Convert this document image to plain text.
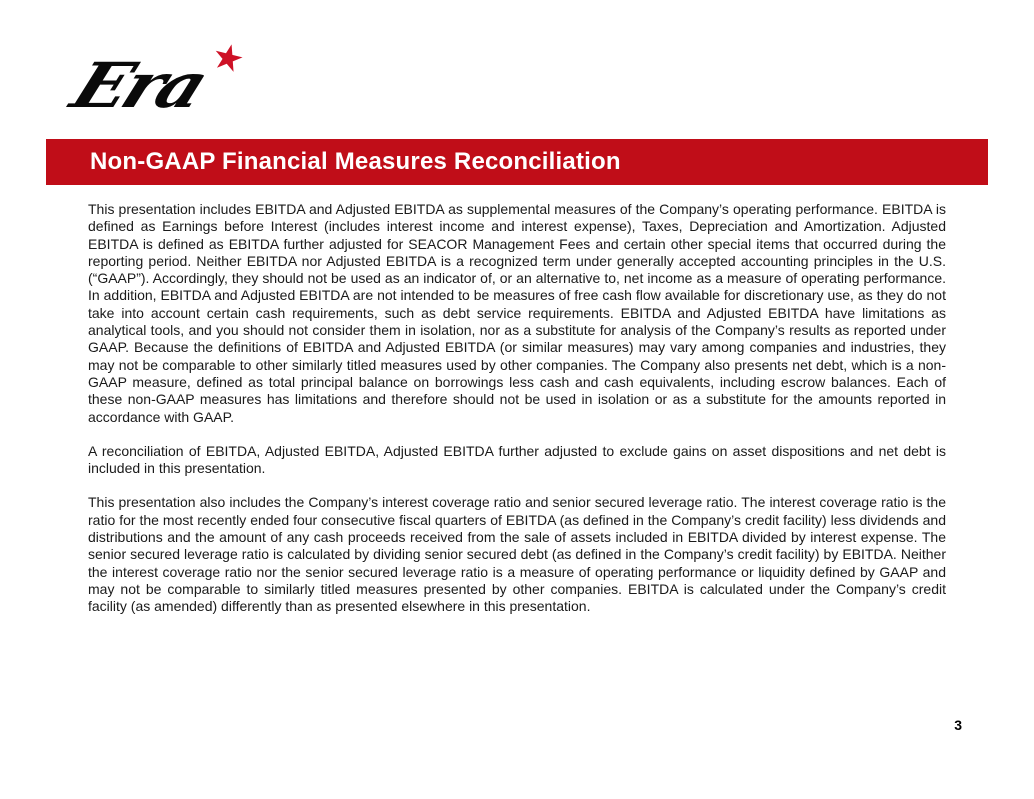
Era
★
Non-GAAP Financial Measures Reconciliation

This presentation includes EBITDA and Adjusted EBITDA as supplemental measures of the Company’s operating performance. EBITDA is defined as Earnings before Interest (includes interest income and interest expense), Taxes, Depreciation and Amortization. Adjusted EBITDA is defined as EBITDA further adjusted for SEACOR Management Fees and certain other special items that occurred during the reporting period. Neither EBITDA nor Adjusted EBITDA is a recognized term under generally accepted accounting principles in the U.S. (“GAAP”). Accordingly, they should not be used as an indicator of, or an alternative to, net income as a measure of operating performance. In addition, EBITDA and Adjusted EBITDA are not intended to be measures of free cash flow available for discretionary use, as they do not take into account certain cash requirements, such as debt service requirements. EBITDA and Adjusted EBITDA have limitations as analytical tools, and you should not consider them in isolation, nor as a substitute for analysis of the Company’s results as reported under GAAP. Because the definitions of EBITDA and Adjusted EBITDA (or similar measures) may vary among companies and industries, they may not be comparable to other similarly titled measures used by other companies. The Company also presents net debt, which is a non-GAAP measure, defined as total principal balance on borrowings less cash and cash equivalents, including escrow balances. Each of these non-GAAP measures has limitations and therefore should not be used in isolation or as a substitute for the amounts reported in accordance with GAAP.

A reconciliation of EBITDA, Adjusted EBITDA, Adjusted EBITDA further adjusted to exclude gains on asset dispositions and net debt is included in this presentation.

This presentation also includes the Company’s interest coverage ratio and senior secured leverage ratio. The interest coverage ratio is the ratio for the most recently ended four consecutive fiscal quarters of EBITDA (as defined in the Company’s credit facility) less dividends and distributions and the amount of any cash proceeds received from the sale of assets included in EBITDA divided by interest expense. The senior secured leverage ratio is calculated by dividing senior secured debt (as defined in the Company’s credit facility) by EBITDA. Neither the interest coverage ratio nor the senior secured leverage ratio is a measure of operating performance or liquidity defined by GAAP and may not be comparable to similarly titled measures presented by other companies. EBITDA is calculated under the Company’s credit facility (as amended) differently than as presented elsewhere in this presentation.

3
